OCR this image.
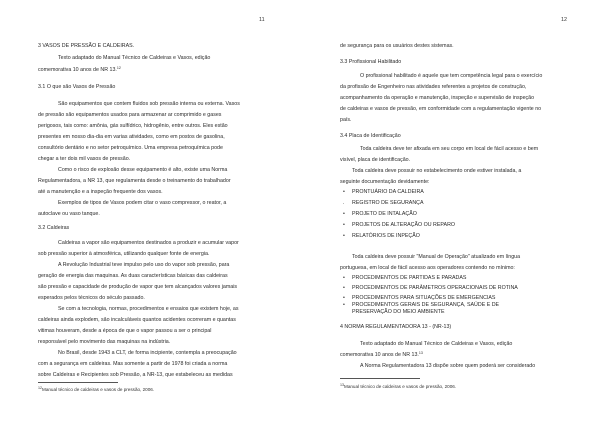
11
3 VASOS DE PRESSÃO E CALDEIRAS.
Texto adaptado do Manual Técnico de Caldeiras e Vasos, edição
comemorativa 10 anos de NR 13.12
3.1 O que são Vasos de Pressão
São equipamentos que contem fluidos sob pressão interna ou externa. Vasos
de pressão são equipamentos usados para armazenar ar comprimido e gases
perigosos, tais como: amônia, gás sulfídrico, hidrogênio, entre outros. Eles estão
presentes em nosso dia-dia em varias atividades, como em postos de gasolina,
consultório dentário e no setor petroquímico. Uma empresa petroquímica pode
chegar a ter dois mil vasos de pressão.
Como o risco de explosão desse equipamento é alto, existe uma Norma
Regulamentadora, a NR 13, que regulamenta desde o treinamento do trabalhador
até a manutenção e a inspeção frequente dos vasos.
Exemplos de tipos de Vasos podem citar o vaso compressor, o reator, a
autoclave ou vaso tanque.
3.2 Caldeiras
Caldeiras a vapor são equipamentos destinados a produzir e acumular vapor
sob pressão superior à atmosférica, utilizando qualquer fonte de energia.
A Revolução Industrial teve impulso pelo uso do vapor sob pressão, para
geração de energia das maquinas. As duas características básicas das caldeiras
são pressão e capacidade de produção de vapor que tem alcançados valores jamais
esperados pelos técnicos do século passado.
Se com a tecnologia, normas, procedimentos e ensaios que existem hoje, as
caldeiras ainda explodem, são incalculáveis quantos acidentes ocorreram e quantas
vitimas houveram, desde a época de que o vapor passou a ser o principal
responsável pelo movimento das maquinas na indústria.
No Brasil, desde 1943 a CLT, de forma incipiente, contempla a preocupação
com a segurança em caldeiras. Mas somente a partir de 1978 foi criada a norma
sobre Caldeiras e Recipientes sob Pressão, a NR-13, que estabeleceu as medidas
$^{12}$Manual técnico de caldeiras e vasos de pressão, 2006.
12
de segurança para os usuários destes sistemas.
3.3 Profissional Habilitado
O profissional habilitado é aquele que tem competência legal para o exercício
da profissão de Engenheiro nas atividades referentes a projetos de construção,
acompanhamento da operação e manutenção, inspeção e supervisão de inspeção
de caldeiras e vasos de pressão, em conformidade com a regulamentação vigente no
país.
3.4 Placa de Identificação
Toda caldeira deve ter afixada em seu corpo em local de fácil acesso e bem
visível, placa de identificação.
Toda caldeira deve possuir no estabelecimento onde estiver instalada, a
seguinte documentação devidamente:
• PRONTUÁRIO DA CALDEIRA
. REGISTRO DE SEGURANÇA
• PROJETO DE INTALAÇÃO
• PROJETOS DE ALTERAÇÃO OU REPARO
• RELATÓRIOS DE INPEÇÃO
Toda caldeira deve possuir "Manual de Operação" atualizado em língua
portuguesa, em local de fácil acesso aos operadores contendo no mínimo:
• PROCEDIMENTOS DE PARTIDAS E PARADAS
• PROCEDIMENTOS DE PARÂMETROS OPERACIONAIS DE ROTINA
• PROCEDIMENTOS PARA SITUAÇÕES DE EMERGENCIAS
• PROCEDIMENTOS GERAIS DE SEGURANÇA, SAÚDE E DE
PRESERVAÇÃO DO MEIO AMBIENTE
4 NORMA REGULAMENTADORA 13 - (NR-13)
Texto adaptado do Manual Técnico de Caldeiras e Vasos, edição
comemorativa 10 anos de NR 13.13
A Norma Regulamentadora 13 dispõe sobre quem poderá ser considerado
$^{13}$Manual técnico de caldeiras e vasos de pressão, 2006.
